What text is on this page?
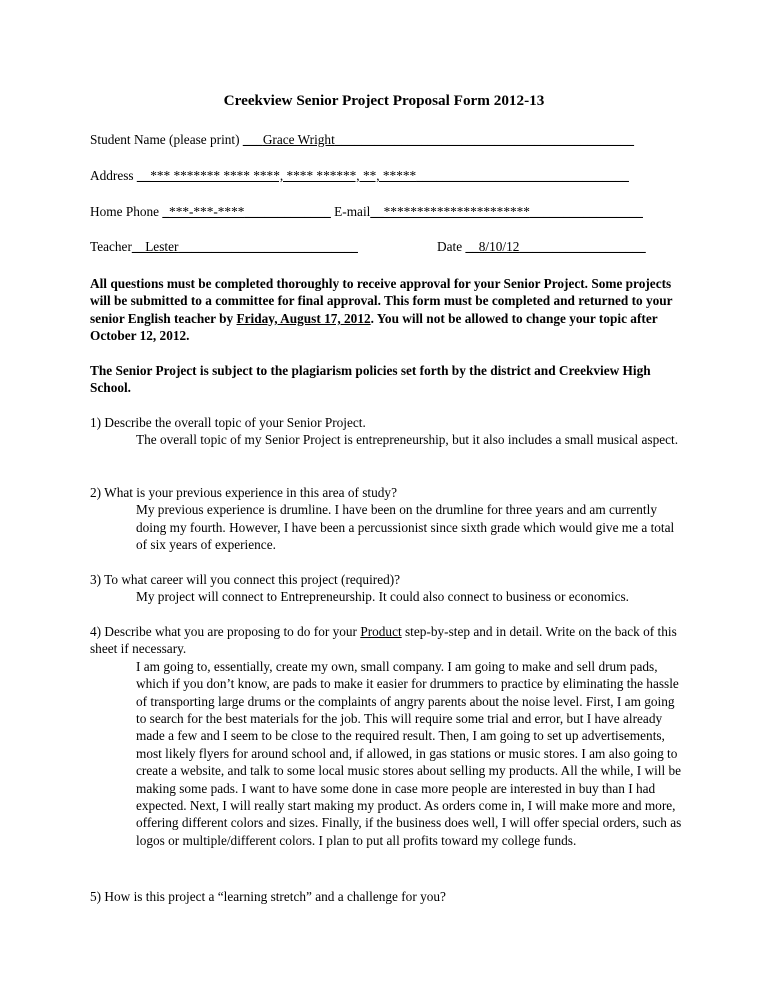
Creekview Senior Project Proposal Form 2012-13
Student Name (please print) ___Grace Wright_____________________________________________
Address __*** ******* **** ****, **** ******, **, *****________________________________
Home Phone _***-***-****_____________ E-mail__**********************_________________
Teacher__Lester___________________________	Date __8/10/12___________________

All questions must be completed thoroughly to receive approval for your Senior Project. Some projects will be submitted to a committee for final approval. This form must be completed and returned to your senior English teacher by Friday, August 17, 2012. You will not be allowed to change your topic after October 12, 2012.

The Senior Project is subject to the plagiarism policies set forth by the district and Creekview High School.

1) Describe the overall topic of your Senior Project.

The overall topic of my Senior Project is entrepreneurship, but it also includes a small musical aspect.

2) What is your previous experience in this area of study?

My previous experience is drumline. I have been on the drumline for three years and am currently doing my fourth. However, I have been a percussionist since sixth grade which would give me a total of six years of experience.

3) To what career will you connect this project (required)?

My project will connect to Entrepreneurship. It could also connect to business or economics.

4) Describe what you are proposing to do for your Product step-by-step and in detail. Write on the back of this sheet if necessary.

I am going to, essentially, create my own, small company. I am going to make and sell drum pads, which if you don’t know, are pads to make it easier for drummers to practice by eliminating the hassle of transporting large drums or the complaints of angry parents about the noise level. First, I am going to search for the best materials for the job. This will require some trial and error, but I have already made a few and I seem to be close to the required result. Then, I am going to set up advertisements, most likely flyers for around school and, if allowed, in gas stations or music stores. I am also going to create a website, and talk to some local music stores about selling my products. All the while, I will be making some pads. I want to have some done in case more people are interested in buy than I had expected. Next, I will really start making my product. As orders come in, I will make more and more, offering different colors and sizes. Finally, if the business does well, I will offer special orders, such as logos or multiple/different colors. I plan to put all profits toward my college funds.

5) How is this project a “learning stretch” and a challenge for you?
